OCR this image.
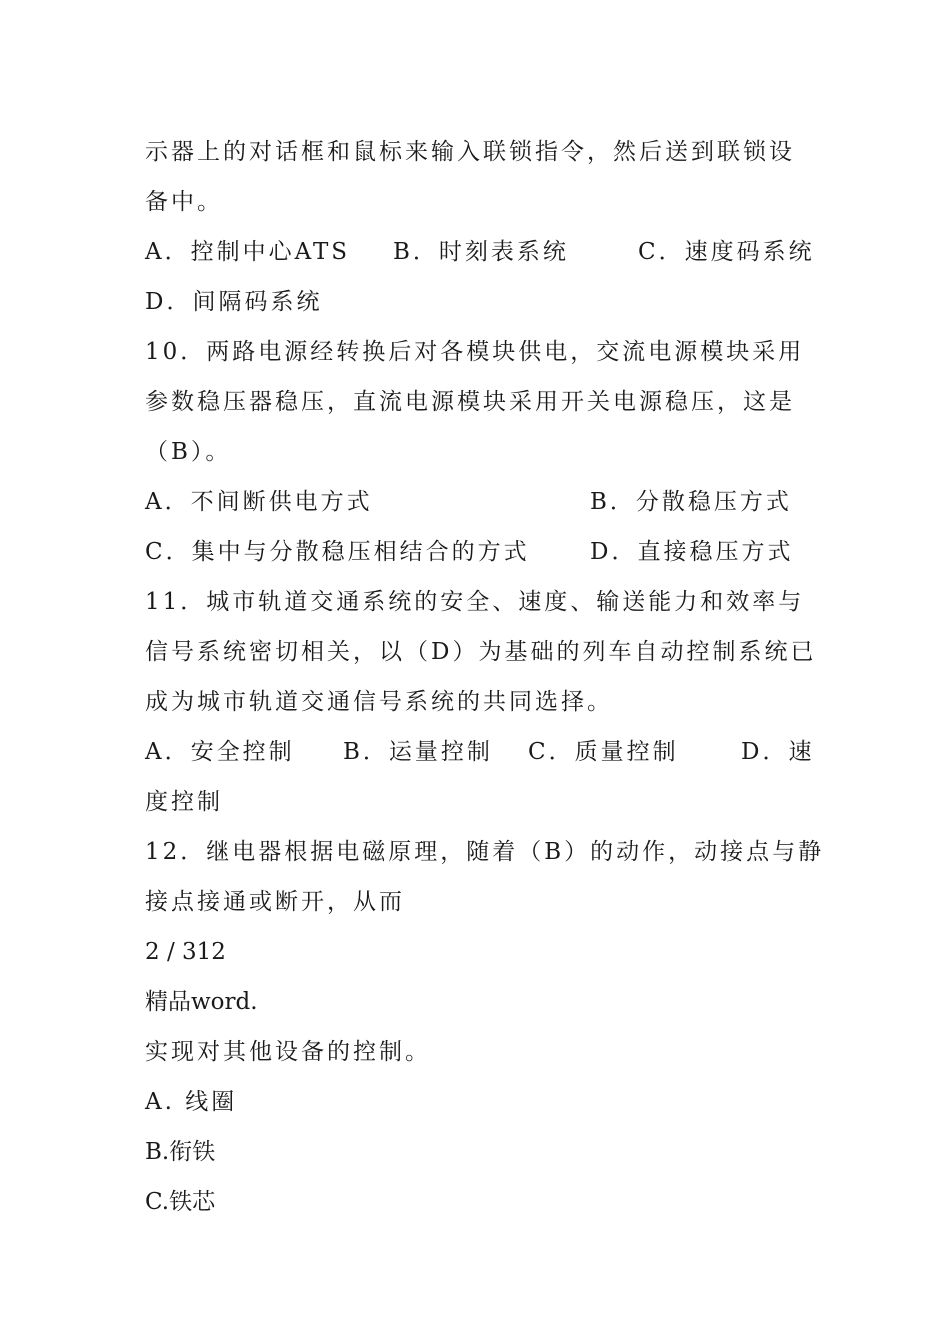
示器上的对话框和鼠标来输入联锁指令，然后送到联锁设
备中。
A．控制中心ATS B．时刻表系统	C．速度码系统
D．间隔码系统
10．两路电源经转换后对各模块供电，交流电源模块采用
参数稳压器稳压，直流电源模块采用开关电源稳压，这是
（B）。
A．不间断供电方式	B．分散稳压方式
C．集中与分散稳压相结合的方式	D．直接稳压方式
11．城市轨道交通系统的安全、速度、输送能力和效率与
信号系统密切相关，以（D）为基础的列车自动控制系统已
成为城市轨道交通信号系统的共同选择。
A．安全控制 B．运量控制 C．质量控制	D．速
度控制
12．继电器根据电磁原理，随着（B）的动作，动接点与静
接点接通或断开，从而
2 / 312
精品word.
实现对其他设备的控制。
A. 线圈
B.衔铁
C.铁芯
